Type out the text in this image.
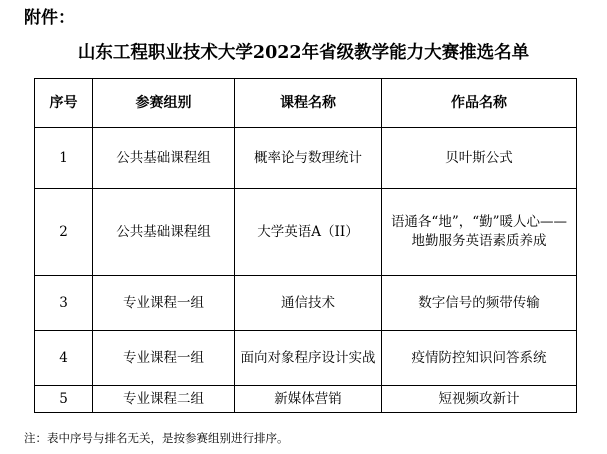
附件：
山东工程职业技术大学2022年省级教学能力大赛推选名单
序号	参赛组别	课程名称	作品名称
1	公共基础课程组	概率论与数理统计	贝叶斯公式
2	公共基础课程组	大学英语A（II）	语通各“地”，“勤”暖人心——地勤服务英语素质养成
3	专业课程一组	通信技术	数字信号的频带传输
4	专业课程一组	面向对象程序设计实战	疫情防控知识问答系统
5	专业课程二组	新媒体营销	短视频攻新计
注：表中序号与排名无关，是按参赛组别进行排序。
